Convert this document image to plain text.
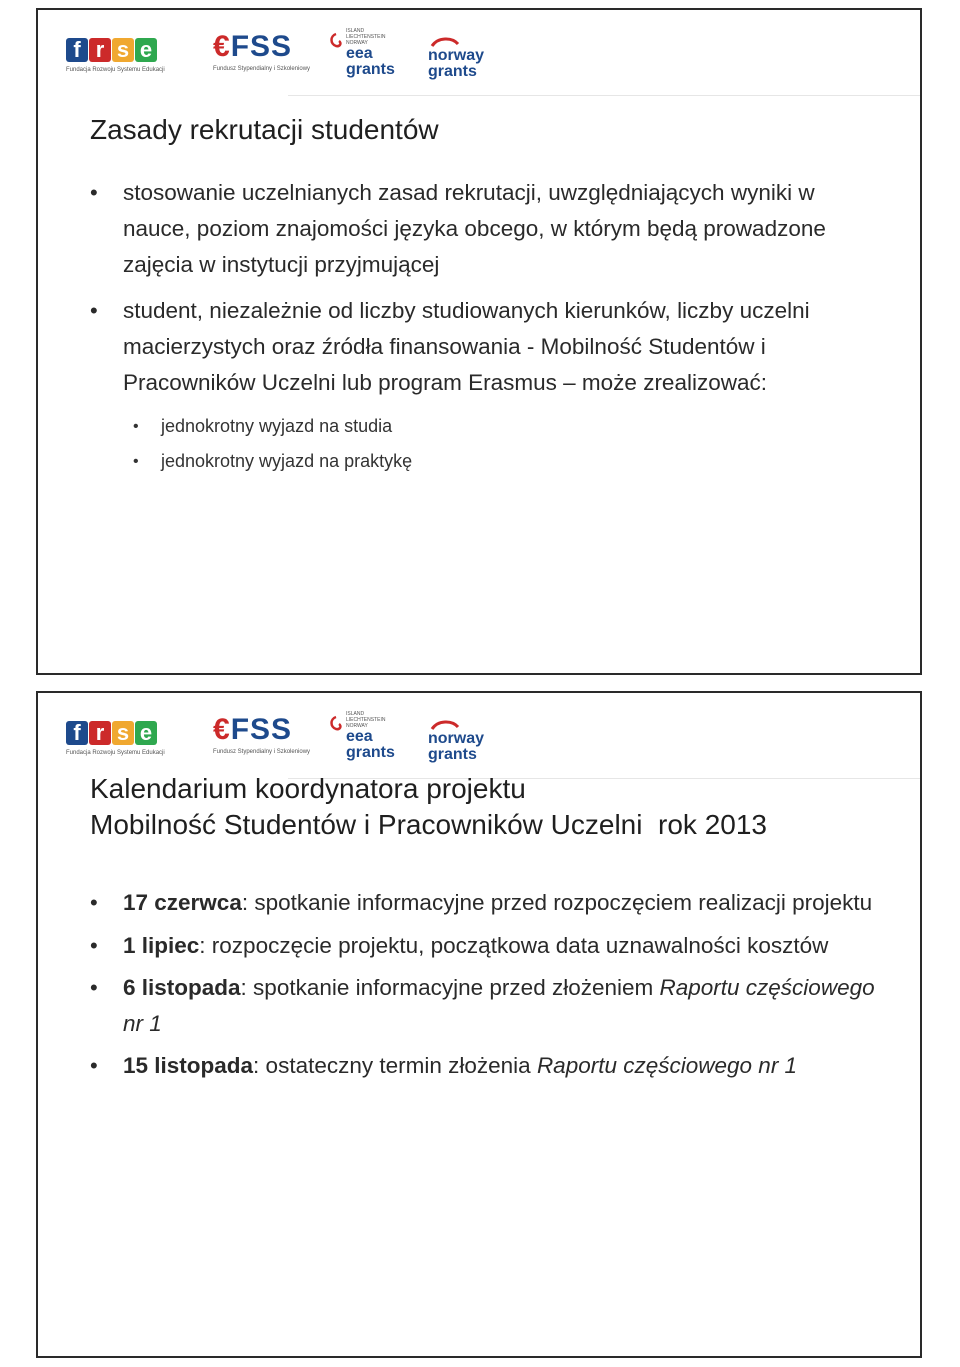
f r s e
Fundacja Rozwoju Systemu Edukacji
€FSS
Fundusz Stypendialny i Szkoleniowy
ISLAND
LIECHTENSTEIN
NORWAY
eea
grants
norway
grants
Zasady rekrutacji studentów
• stosowanie uczelnianych zasad rekrutacji, uwzględniających wyniki w nauce, poziom znajomości języka obcego, w którym będą prowadzone zajęcia w instytucji przyjmującej
• student, niezależnie od liczby studiowanych kierunków, liczby uczelni macierzystych oraz źródła finansowania - Mobilność Studentów i Pracowników Uczelni lub program Erasmus – może zrealizować:
• jednokrotny wyjazd na studia
• jednokrotny wyjazd na praktykę
f r s e
Fundacja Rozwoju Systemu Edukacji
€FSS
Fundusz Stypendialny i Szkoleniowy
ISLAND
LIECHTENSTEIN
NORWAY
eea
grants
norway
grants
Kalendarium koordynatora projektu
Mobilność Studentów i Pracowników Uczelni  rok 2013
• 17 czerwca: spotkanie informacyjne przed rozpoczęciem realizacji projektu
• 1 lipiec: rozpoczęcie projektu, początkowa data uznawalności kosztów
• 6 listopada: spotkanie informacyjne przed złożeniem Raportu częściowego nr 1
• 15 listopada: ostateczny termin złożenia Raportu częściowego nr 1
